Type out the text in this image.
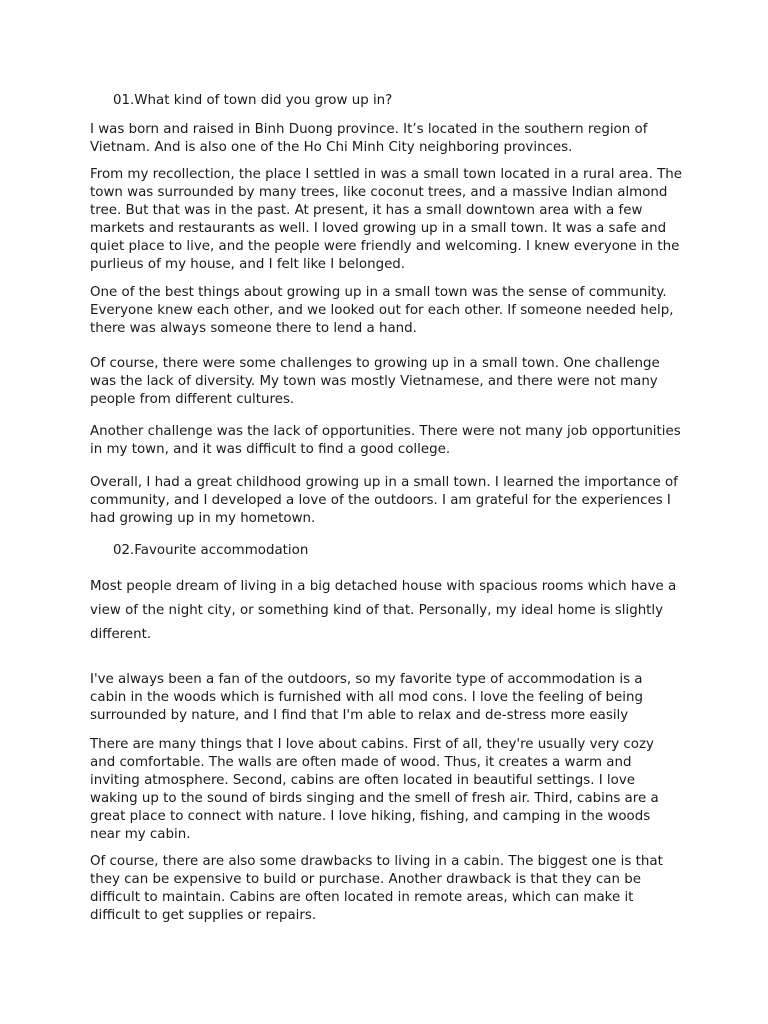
01.What kind of town did you grow up in?

I was born and raised in Binh Duong province. It’s located in the southern region of Vietnam. And is also one of the Ho Chi Minh City neighboring provinces.

From my recollection, the place I settled in was a small town located in a rural area. The town was surrounded by many trees, like coconut trees, and a massive Indian almond tree. But that was in the past. At present, it has a small downtown area with a few markets and restaurants as well. I loved growing up in a small town. It was a safe and quiet place to live, and the people were friendly and welcoming. I knew everyone in the purlieus of my house, and I felt like I belonged.

One of the best things about growing up in a small town was the sense of community. Everyone knew each other, and we looked out for each other. If someone needed help, there was always someone there to lend a hand.

Of course, there were some challenges to growing up in a small town. One challenge was the lack of diversity. My town was mostly Vietnamese, and there were not many people from different cultures.

Another challenge was the lack of opportunities. There were not many job opportunities in my town, and it was difficult to find a good college.

Overall, I had a great childhood growing up in a small town. I learned the importance of community, and I developed a love of the outdoors. I am grateful for the experiences I had growing up in my hometown.

02.Favourite accommodation

Most people dream of living in a big detached house with spacious rooms which have a view of the night city, or something kind of that. Personally, my ideal home is slightly different.

I've always been a fan of the outdoors, so my favorite type of accommodation is a cabin in the woods which is furnished with all mod cons. I love the feeling of being surrounded by nature, and I find that I'm able to relax and de-stress more easily

There are many things that I love about cabins. First of all, they're usually very cozy and comfortable. The walls are often made of wood. Thus, it creates a warm and inviting atmosphere. Second, cabins are often located in beautiful settings. I love waking up to the sound of birds singing and the smell of fresh air. Third, cabins are a great place to connect with nature. I love hiking, fishing, and camping in the woods near my cabin.

Of course, there are also some drawbacks to living in a cabin. The biggest one is that they can be expensive to build or purchase. Another drawback is that they can be difficult to maintain. Cabins are often located in remote areas, which can make it difficult to get supplies or repairs.
